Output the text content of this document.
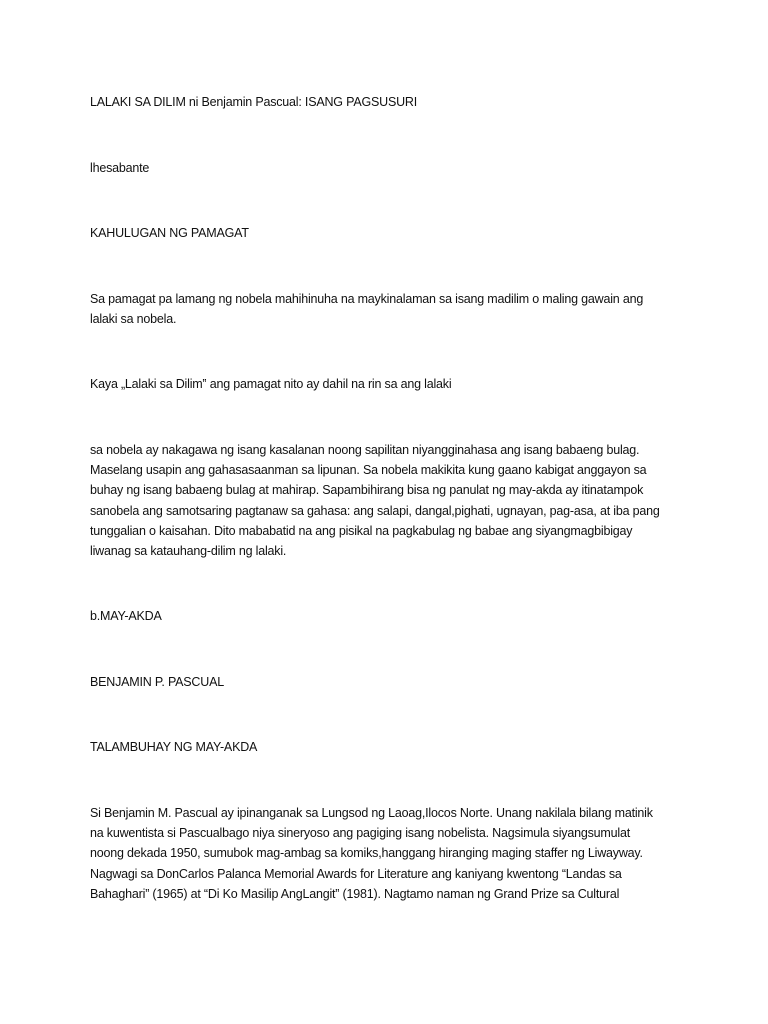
LALAKI SA DILIM ni Benjamin Pascual: ISANG PAGSUSURI

lhesabante

KAHULUGAN NG PAMAGAT

Sa pamagat pa lamang ng nobela mahihinuha na maykinalaman sa isang madilim o maling gawain ang
lalaki sa nobela.

Kaya „Lalaki sa Dilim‟ ang pamagat nito ay dahil na rin sa ang lalaki

sa nobela ay nakagawa ng isang kasalanan noong sapilitan niyangginahasa ang isang babaeng bulag.
Maselang usapin ang gahasasaanman sa lipunan. Sa nobela makikita kung gaano kabigat anggayon sa
buhay ng isang babaeng bulag at mahirap. Sapambihirang bisa ng panulat ng may-akda ay itinatampok
sanobela ang samotsaring pagtanaw sa gahasa: ang salapi, dangal,pighati, ugnayan, pag-asa, at iba pang
tunggalian o kaisahan. Dito mababatid na ang pisikal na pagkabulag ng babae ang siyangmagbibigay
liwanag sa katauhang-dilim ng lalaki.

b.MAY-AKDA

BENJAMIN P. PASCUAL

TALAMBUHAY NG MAY-AKDA

Si Benjamin M. Pascual ay ipinanganak sa Lungsod ng Laoag,Ilocos Norte. Unang nakilala bilang matinik
na kuwentista si Pascualbago niya sineryoso ang pagiging isang nobelista. Nagsimula siyangsumulat
noong dekada 1950, sumubok mag-ambag sa komiks,hanggang hiranging maging staffer ng Liwayway.
Nagwagi sa DonCarlos Palanca Memorial Awards for Literature ang kaniyang kwentong “Landas sa
Bahaghari” (1965) at “Di Ko Masilip AngLangit” (1981). Nagtamo naman ng Grand Prize sa Cultural
